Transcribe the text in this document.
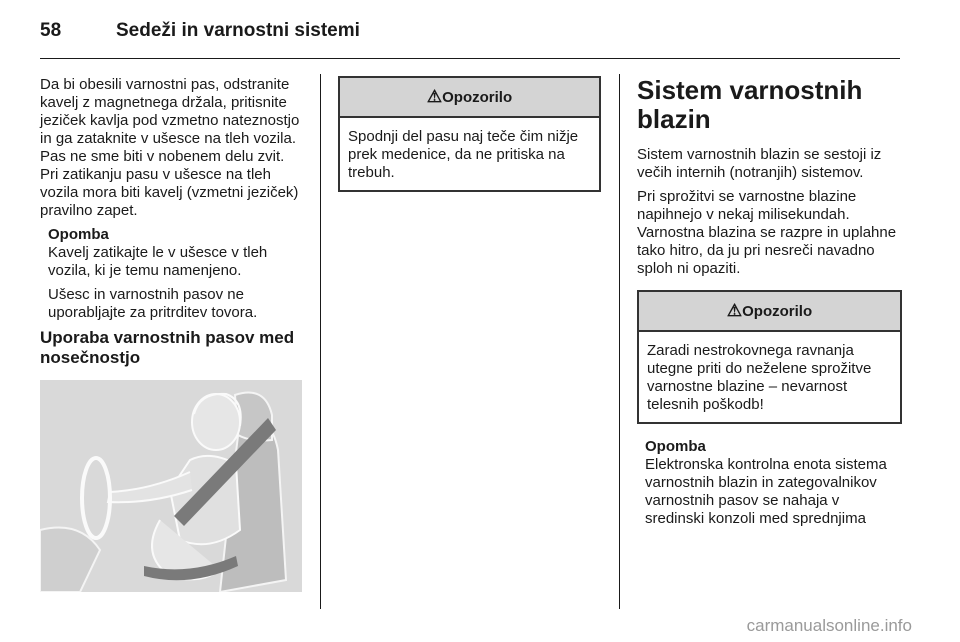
58	Sedeži in varnostni sistemi

Da bi obesili varnostni pas, odstranite kavelj z magnetnega držala, pritisnite jeziček kavlja pod vzmetno nateznostjo in ga zataknite v ušesce na tleh vozila. Pas ne sme biti v nobenem delu zvit. Pri zatikanju pasu v ušesce na tleh vozila mora biti kavelj (vzmetni jeziček) pravilno zapet.

Opomba

Kavelj zatikajte le v ušesce v tleh vozila, ki je temu namenjeno.

Ušesc in varnostnih pasov ne uporabljajte za pritrditev tovora.

Uporaba varnostnih pasov med nosečnostjo
⚠Opozorilo
Spodnji del pasu naj teče čim nižje prek medenice, da ne pritiska na trebuh.
Sistem varnostnih blazin

Sistem varnostnih blazin se sestoji iz večih internih (notranjih) sistemov.

Pri sprožitvi se varnostne blazine napihnejo v nekaj milisekundah. Varnostna blazina se razpre in uplahne tako hitro, da ju pri nesreči navadno sploh ni opaziti.

⚠Opozorilo
Zaradi nestrokovnega ravnanja utegne priti do neželene sprožitve varnostne blazine – nevarnost telesnih poškodb!
Opomba

Elektronska kontrolna enota sistema varnostnih blazin in zategovalnikov varnostnih pasov se nahaja v sredinski konzoli med sprednjima

carmanualsonline.info
